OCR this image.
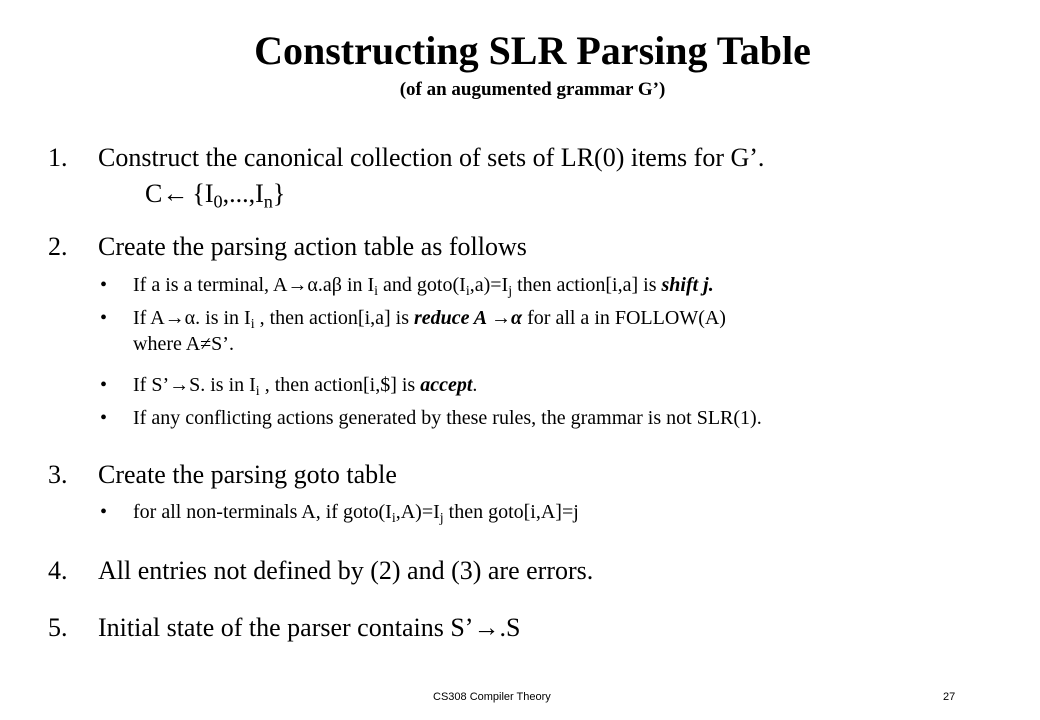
Constructing SLR Parsing Table
(of an augumented grammar G’)
1. Construct the canonical collection of sets of LR(0) items for G’.
C← $\{I_0,...,I_n\}$
2. Create the parsing action table as follows
• If a is a terminal, A→α.aβ in $I_i$ and $goto(I_i,a)=I_j$ then action[i,a] is shift j.
• If A→α. is in $I_i$ , then action[i,a] is reduce A →α for all a in FOLLOW(A)
where A≠S’.
• If S’→S. is in $I_i$ , then action[i,$] is accept.
• If any conflicting actions generated by these rules, the grammar is not SLR(1).
3. Create the parsing goto table
• for all non-terminals A, if $goto(I_i,A)=I_j$ then goto[i,A]=j
4. All entries not defined by (2) and (3) are errors.
5. Initial state of the parser contains S’→.S
CS308 Compiler Theory	27
